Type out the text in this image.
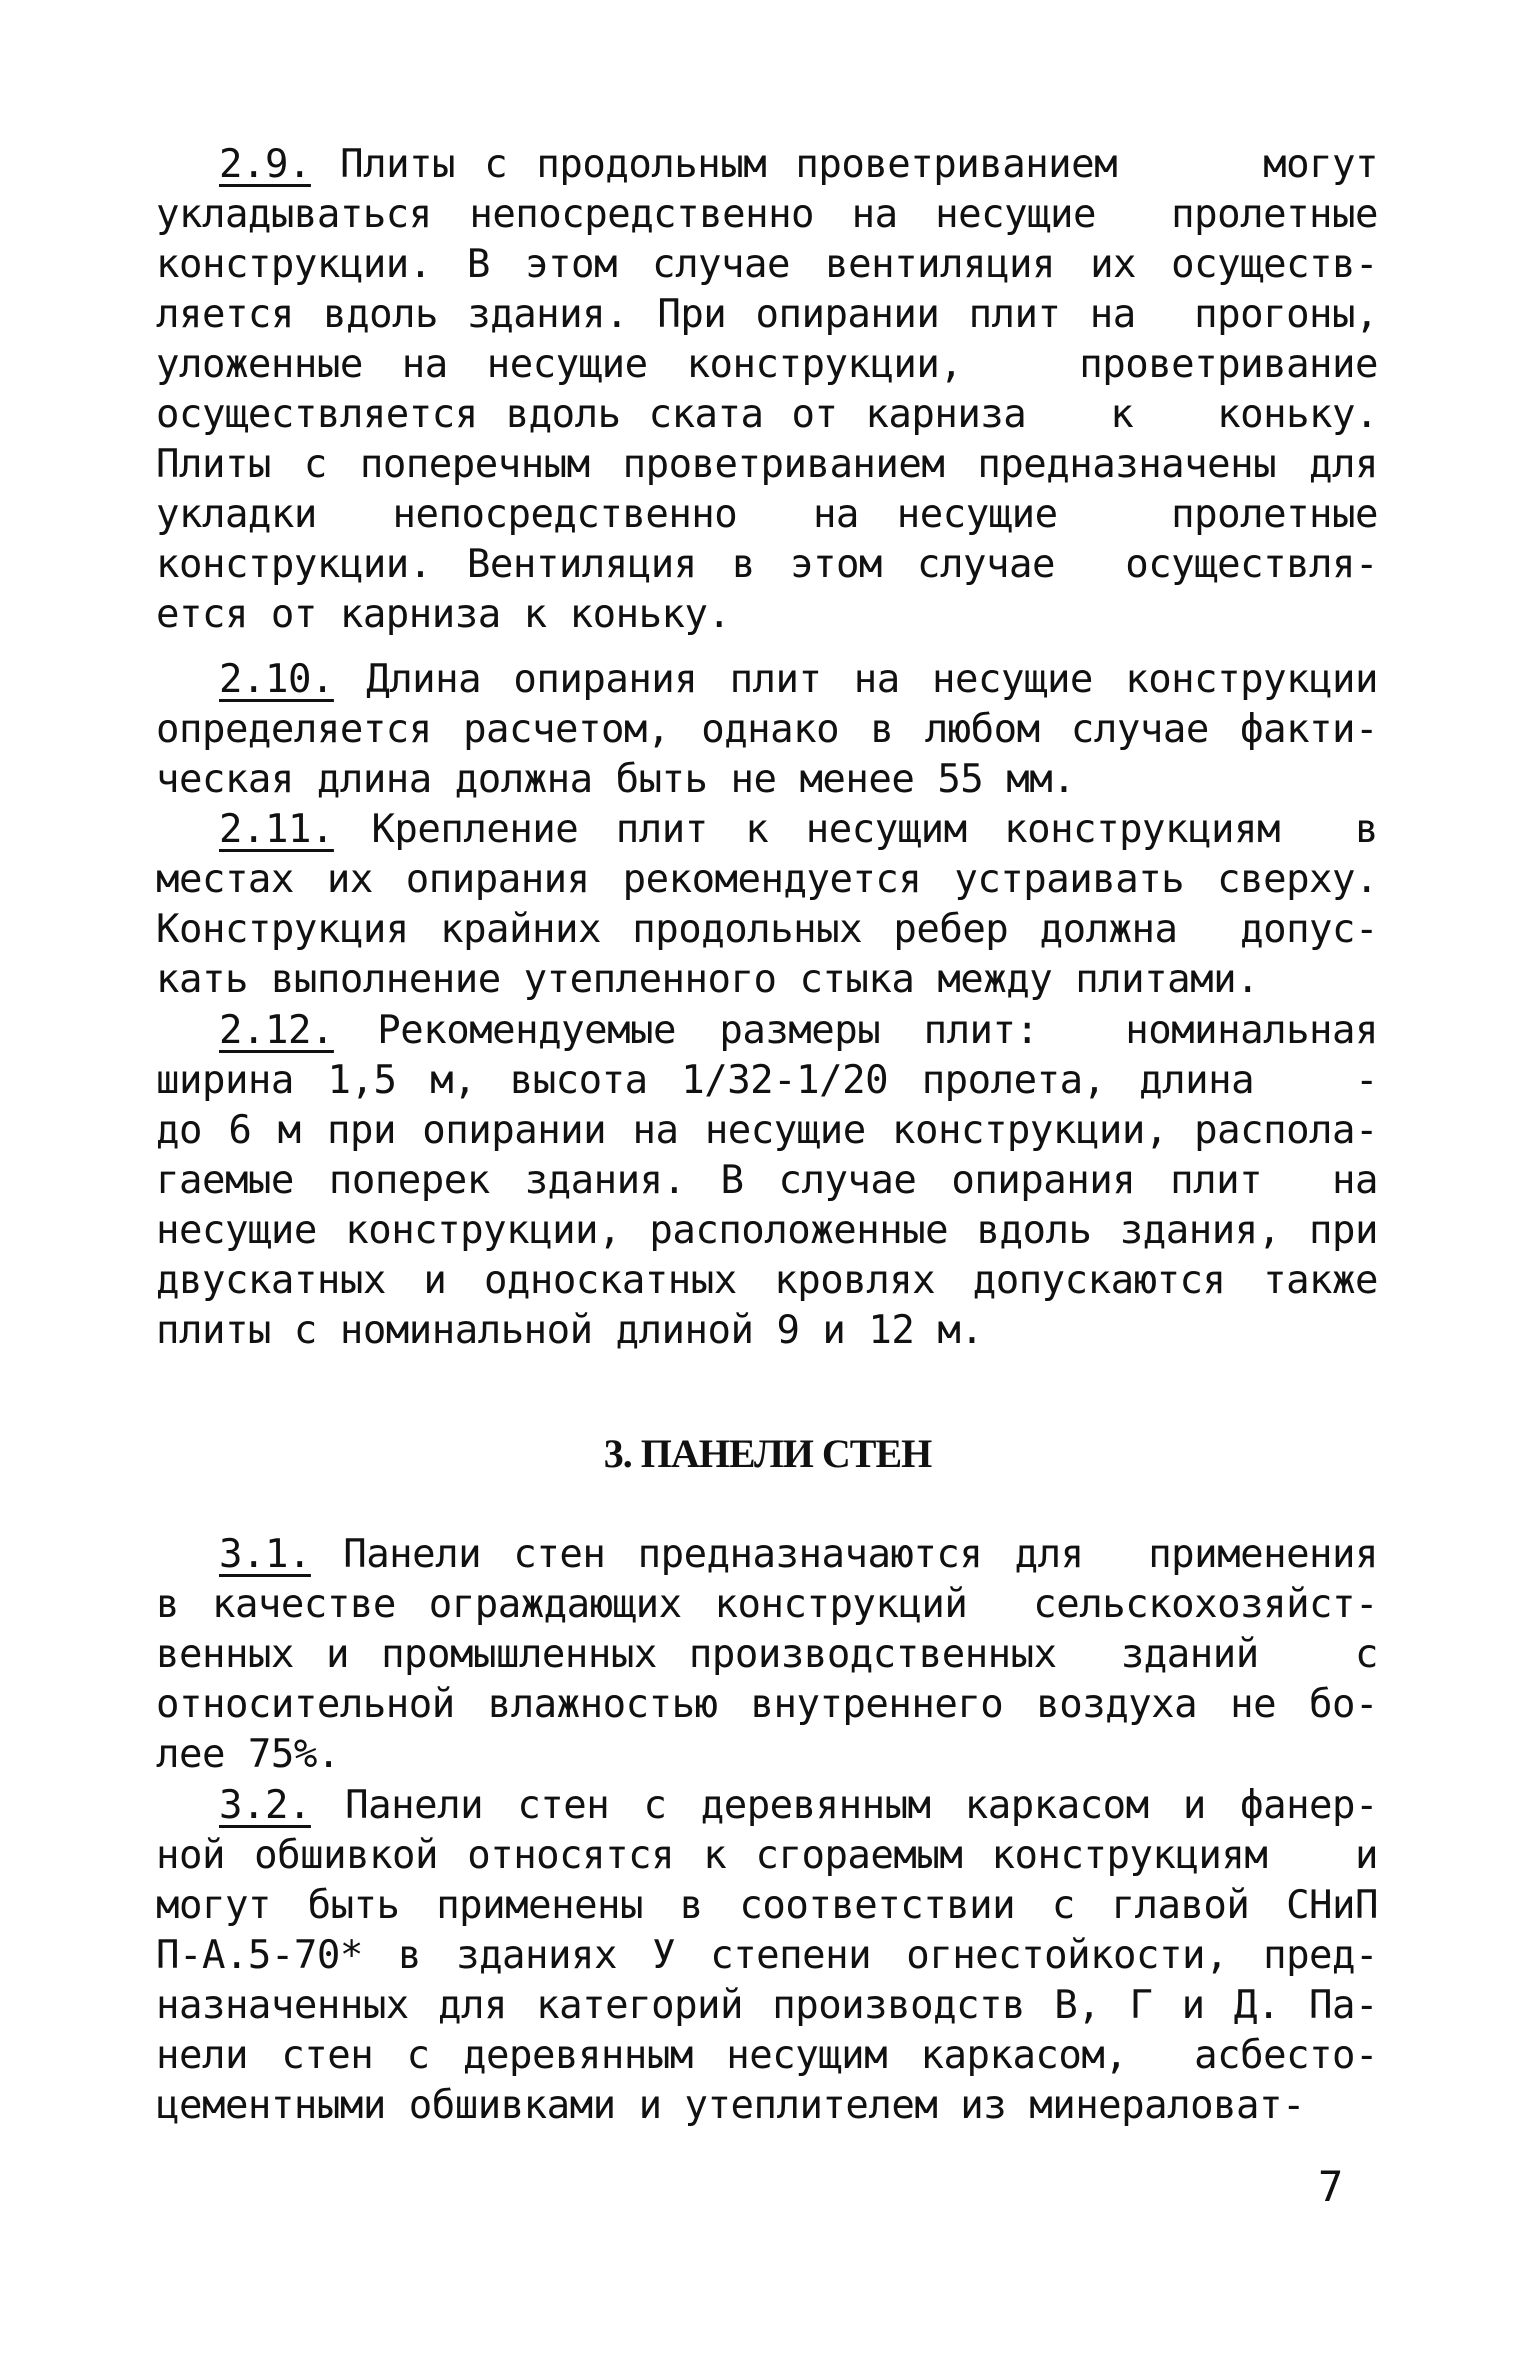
2.9. Плиты с продольным проветриванием     могут
укладываться непосредственно на несущие  пролетные
конструкции. В этом случае вентиляция их осуществ-
ляется вдоль здания. При опирании плит на  прогоны,
уложенные на несущие конструкции,   проветривание
осуществляется вдоль ската от карниза   к   коньку.
Плиты с поперечным проветриванием предназначены для
укладки  непосредственно  на несущие   пролетные
конструкции. Вентиляция в этом случае  осуществля-
ется от карниза к коньку.
2.10. Длина опирания плит на несущие конструкции
определяется расчетом, однако в любом случае факти-
ческая длина должна быть не менее 55 мм.
2.11. Крепление плит к несущим конструкциям  в
местах их опирания рекомендуется устраивать сверху.
Конструкция крайних продольных ребер должна  допус-
кать выполнение утепленного стыка между плитами.
2.12. Рекомендуемые размеры плит:  номинальная
ширина 1,5 м, высота 1/32-1/20 пролета, длина   -
до 6 м при опирании на несущие конструкции, распола-
гаемые поперек здания. В случае опирания плит  на
несущие конструкции, расположенные вдоль здания, при
двускатных и односкатных кровлях допускаются также
плиты с номинальной длиной 9 и 12 м.
3.1. Панели стен предназначаются для  применения
в качестве ограждающих конструкций  сельскохозяйст-
венных и промышленных производственных  зданий   с
относительной влажностью внутреннего воздуха не бо-
лее 75%.
3.2. Панели стен с деревянным каркасом и фанер-
ной обшивкой относятся к сгораемым конструкциям   и
могут быть применены в соответствии с главой СНиП
П-А.5-70* в зданиях У степени огнестойкости, пред-
назначенных для категорий производств В, Г и Д. Па-
нели стен с деревянным несущим каркасом,  асбесто-
цементными обшивками и утеплителем из минераловат-
3. ПАНЕЛИ СТЕН
7
